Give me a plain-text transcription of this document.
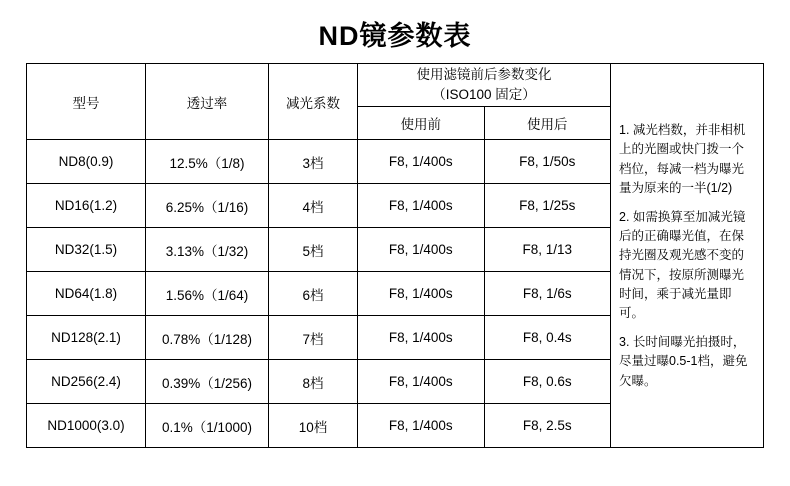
ND镜参数表
型号	透过率	减光系数	使用滤镜前后参数变化
（ISO100 固定）

1. 减光档数，并非相机上的光圈或快门拨一个档位，每减一档为曝光量为原来的一半(1/2)

2. 如需换算至加减光镜后的正确曝光值，在保持光圈及观光感不变的情况下，按原所测曝光时间，乘于减光量即可。

3. 长时间曝光拍摄时，尽量过曝0.5-1档，避免欠曝。

			使用前	使用后	
ND8(0.9)	12.5%（1/8)	3档	F8, 1/400s	F8, 1/50s	
ND16(1.2)	6.25%（1/16)	4档	F8, 1/400s	F8, 1/25s	
ND32(1.5)	3.13%（1/32)	5档	F8, 1/400s	F8, 1/13	
ND64(1.8)	1.56%（1/64)	6档	F8, 1/400s	F8, 1/6s	
ND128(2.1)	0.78%（1/128)	7档	F8, 1/400s	F8, 0.4s	
ND256(2.4)	0.39%（1/256)	8档	F8, 1/400s	F8, 0.6s	
ND1000(3.0)	0.1%（1/1000)	10档	F8, 1/400s	F8, 2.5s	
